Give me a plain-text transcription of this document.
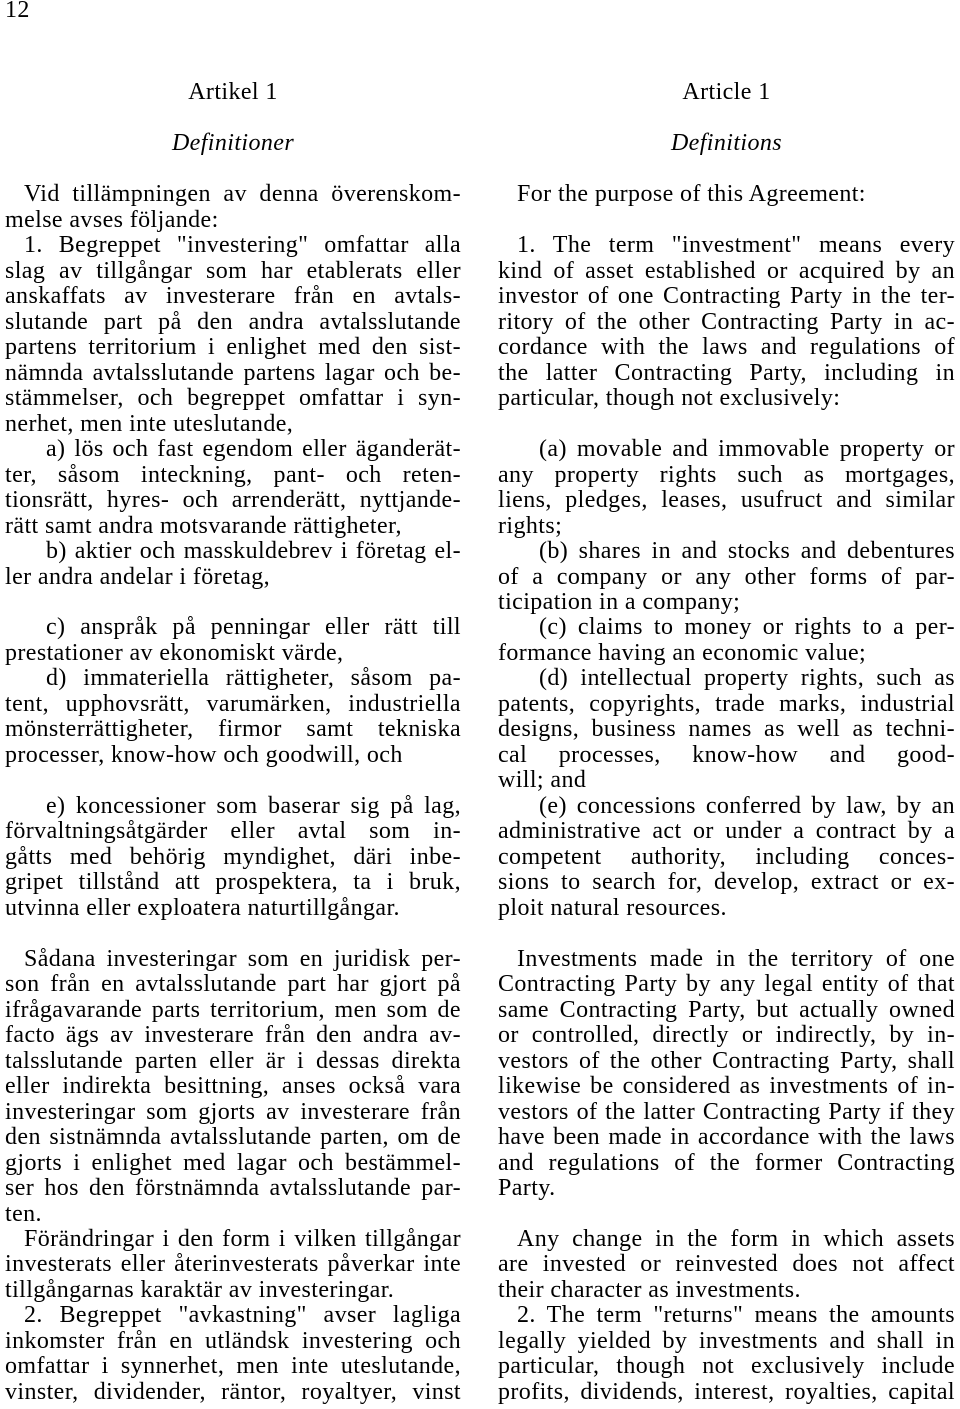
12
Artikel 1
Definitioner
Vid tillämpningen av denna överenskom-
melse avses följande:
1. Begreppet "investering" omfattar alla
slag av tillgångar som har etablerats eller
anskaffats av investerare från en avtals-
slutande part på den andra avtalsslutande
partens territorium i enlighet med den sist-
nämnda avtalsslutande partens lagar och be-
stämmelser, och begreppet omfattar i syn-
nerhet, men inte uteslutande,
a) lös och fast egendom eller äganderät-
ter, såsom inteckning, pant- och reten-
tionsrätt, hyres- och arrenderätt, nyttjande-
rätt samt andra motsvarande rättigheter,
b) aktier och masskuldebrev i företag el-
ler andra andelar i företag,
c) anspråk på penningar eller rätt till
prestationer av ekonomiskt värde,
d) immateriella rättigheter, såsom pa-
tent, upphovsrätt, varumärken, industriella
mönsterrättigheter, firmor samt tekniska
processer, know-how och goodwill, och
e) koncessioner som baserar sig på lag,
förvaltningsåtgärder eller avtal som in-
gåtts med behörig myndighet, däri inbe-
gripet tillstånd att prospektera, ta i bruk,
utvinna eller exploatera naturtillgångar.
Sådana investeringar som en juridisk per-
son från en avtalsslutande part har gjort på
ifrågavarande parts territorium, men som de
facto ägs av investerare från den andra av-
talsslutande parten eller är i dessas direkta
eller indirekta besittning, anses också vara
investeringar som gjorts av investerare från
den sistnämnda avtalsslutande parten, om de
gjorts i enlighet med lagar och bestämmel-
ser hos den förstnämnda avtalsslutande par-
ten.
Förändringar i den form i vilken tillgångar
investerats eller återinvesterats påverkar inte
tillgångarnas karaktär av investeringar.
2. Begreppet "avkastning" avser lagliga
inkomster från en utländsk investering och
omfattar i synnerhet, men inte uteslutande,
vinster, dividender, räntor, royaltyer, vinst
Article 1
Definitions
For the purpose of this Agreement:
1. The term "investment" means every
kind of asset established or acquired by an
investor of one Contracting Party in the ter-
ritory of the other Contracting Party in ac-
cordance with the laws and regulations of
the latter Contracting Party, including in
particular, though not exclusively:
(a) movable and immovable property or
any property rights such as mortgages,
liens, pledges, leases, usufruct and similar
rights;
(b) shares in and stocks and debentures
of a company or any other forms of par-
ticipation in a company;
(c) claims to money or rights to a per-
formance having an economic value;
(d) intellectual property rights, such as
patents, copyrights, trade marks, industrial
designs, business names as well as techni-
cal processes, know-how and good-
will; and
(e) concessions conferred by law, by an
administrative act or under a contract by a
competent authority, including conces-
sions to search for, develop, extract or ex-
ploit natural resources.
Investments made in the territory of one
Contracting Party by any legal entity of that
same Contracting Party, but actually owned
or controlled, directly or indirectly, by in-
vestors of the other Contracting Party, shall
likewise be considered as investments of in-
vestors of the latter Contracting Party if they
have been made in accordance with the laws
and regulations of the former Contracting
Party.
Any change in the form in which assets
are invested or reinvested does not affect
their character as investments.
2. The term "returns" means the amounts
legally yielded by investments and shall in
particular, though not exclusively include
profits, dividends, interest, royalties, capital
